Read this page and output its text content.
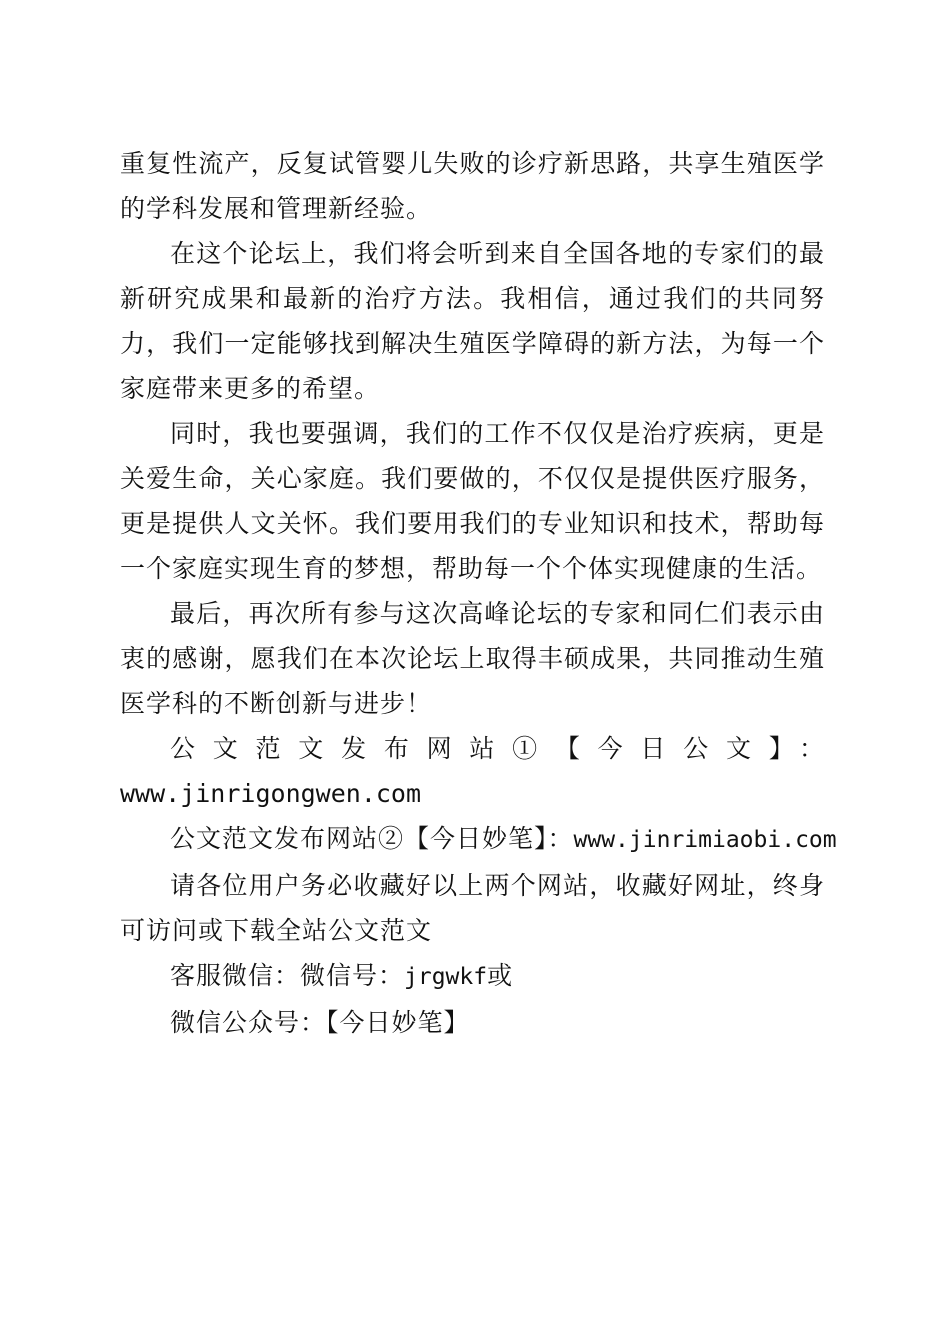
重复性流产，反复试管婴儿失败的诊疗新思路，共享生殖医学的学科发展和管理新经验。

在这个论坛上，我们将会听到来自全国各地的专家们的最新研究成果和最新的治疗方法。我相信，通过我们的共同努力，我们一定能够找到解决生殖医学障碍的新方法，为每一个家庭带来更多的希望。

同时，我也要强调，我们的工作不仅仅是治疗疾病，更是关爱生命，关心家庭。我们要做的，不仅仅是提供医疗服务，更是提供人文关怀。我们要用我们的专业知识和技术，帮助每一个家庭实现生育的梦想，帮助每一个个体实现健康的生活。

最后，再次所有参与这次高峰论坛的专家和同仁们表示由衷的感谢，愿我们在本次论坛上取得丰硕成果，共同推动生殖医学科的不断创新与进步！

公文范文发布网站①【今日公文】：
www.jinrigongwen.com

公文范文发布网站②【今日妙笔】：www.jinrimiaobi.com

请各位用户务必收藏好以上两个网站，收藏好网址，终身可访问或下载全站公文范文

客服微信：微信号：jrgwkf或

微信公众号：【今日妙笔】
